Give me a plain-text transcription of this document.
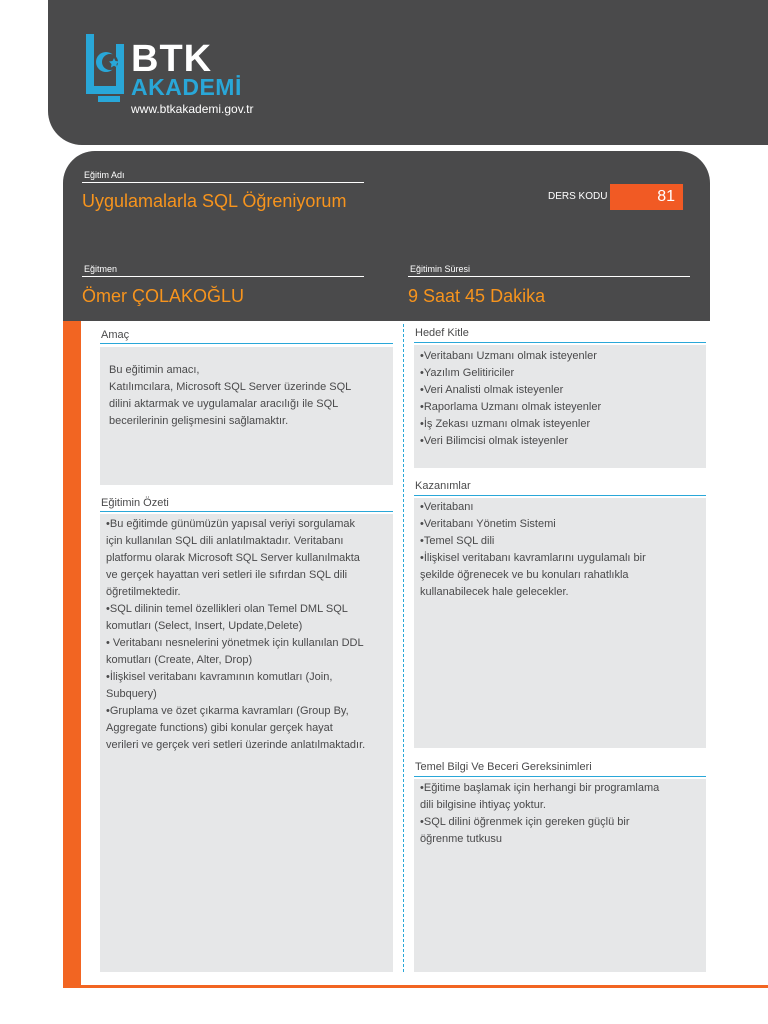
BTK
AKADEMİ
www.btkakademi.gov.tr
Eğitim Adı
Uygulamalarla SQL Öğreniyorum	DERS KODU	81
Eğitmen
Ömer ÇOLAKOĞLU
Eğitimin Süresi
9 Saat 45 Dakika
Amaç
Bu eğitimin amacı,
Katılımcılara, Microsoft SQL Server üzerinde SQL
dilini aktarmak ve uygulamalar aracılığı ile SQL
becerilerinin gelişmesini sağlamaktır.
Eğitimin Özeti
•Bu eğitimde günümüzün yapısal veriyi sorgulamak
için kullanılan SQL dili anlatılmaktadır. Veritabanı
platformu olarak Microsoft SQL Server kullanılmakta
ve gerçek hayattan veri setleri ile sıfırdan SQL dili
öğretilmektedir.
•SQL dilinin temel özellikleri olan Temel DML SQL
komutları (Select, Insert, Update,Delete)
• Veritabanı nesnelerini yönetmek için kullanılan DDL
komutları (Create, Alter, Drop)
•İlişkisel veritabanı kavramının komutları (Join,
Subquery)
•Gruplama ve özet çıkarma kavramları (Group By,
Aggregate functions) gibi konular gerçek hayat
verileri ve gerçek veri setleri üzerinde anlatılmaktadır.
Hedef Kitle
•Veritabanı Uzmanı olmak isteyenler
•Yazılım Gelitiriciler
•Veri Analisti olmak isteyenler
•Raporlama Uzmanı olmak isteyenler
•İş Zekası uzmanı olmak isteyenler
•Veri Bilimcisi olmak isteyenler
Kazanımlar
•Veritabanı
•Veritabanı Yönetim Sistemi
•Temel SQL dili
•İlişkisel veritabanı kavramlarını uygulamalı bir
şekilde öğrenecek ve bu konuları rahatlıkla
kullanabilecek hale gelecekler.
Temel Bilgi Ve Beceri Gereksinimleri
•Eğitime başlamak için herhangi bir programlama
dili bilgisine ihtiyaç yoktur.
•SQL dilini öğrenmek için gereken güçlü bir
öğrenme tutkusu
